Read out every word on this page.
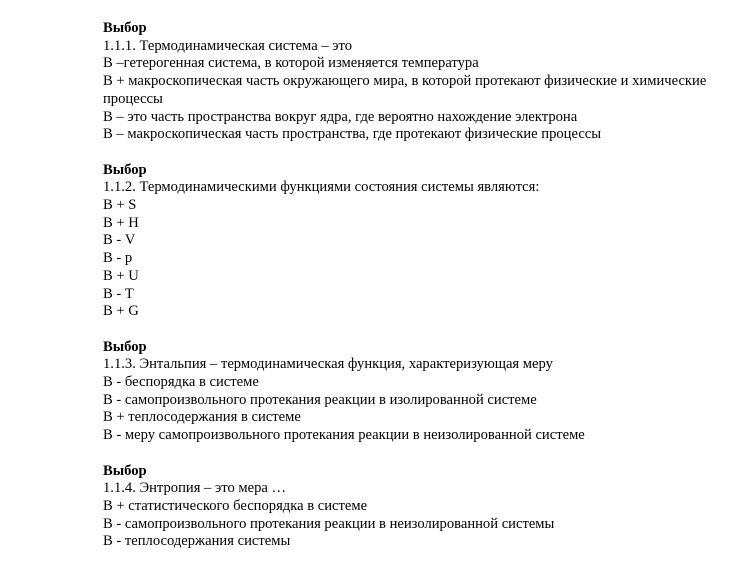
Выбор
1.1.1. Термодинамическая система – это
В –гетерогенная система, в которой изменяется температура
В + макроскопическая часть окружающего мира, в которой протекают физические и химические процессы
В – это часть пространства вокруг ядра, где вероятно нахождение электрона
В – макроскопическая часть пространства, где протекают физические процессы
Выбор
1.1.2. Термодинамическими функциями состояния системы являются:
В + S
В + H
В - V
В - p
В + U
В - T
В + G
Выбор
1.1.3. Энтальпия – термодинамическая функция, характеризующая меру
В - беспорядка в системе
В - самопроизвольного протекания реакции в изолированной системе
В + теплосодержания в системе
В - меру самопроизвольного протекания реакции в неизолированной системе
Выбор
1.1.4. Энтропия – это мера …
В + статистического беспорядка в системе
В - самопроизвольного протекания реакции в неизолированной системы
В - теплосодержания системы
